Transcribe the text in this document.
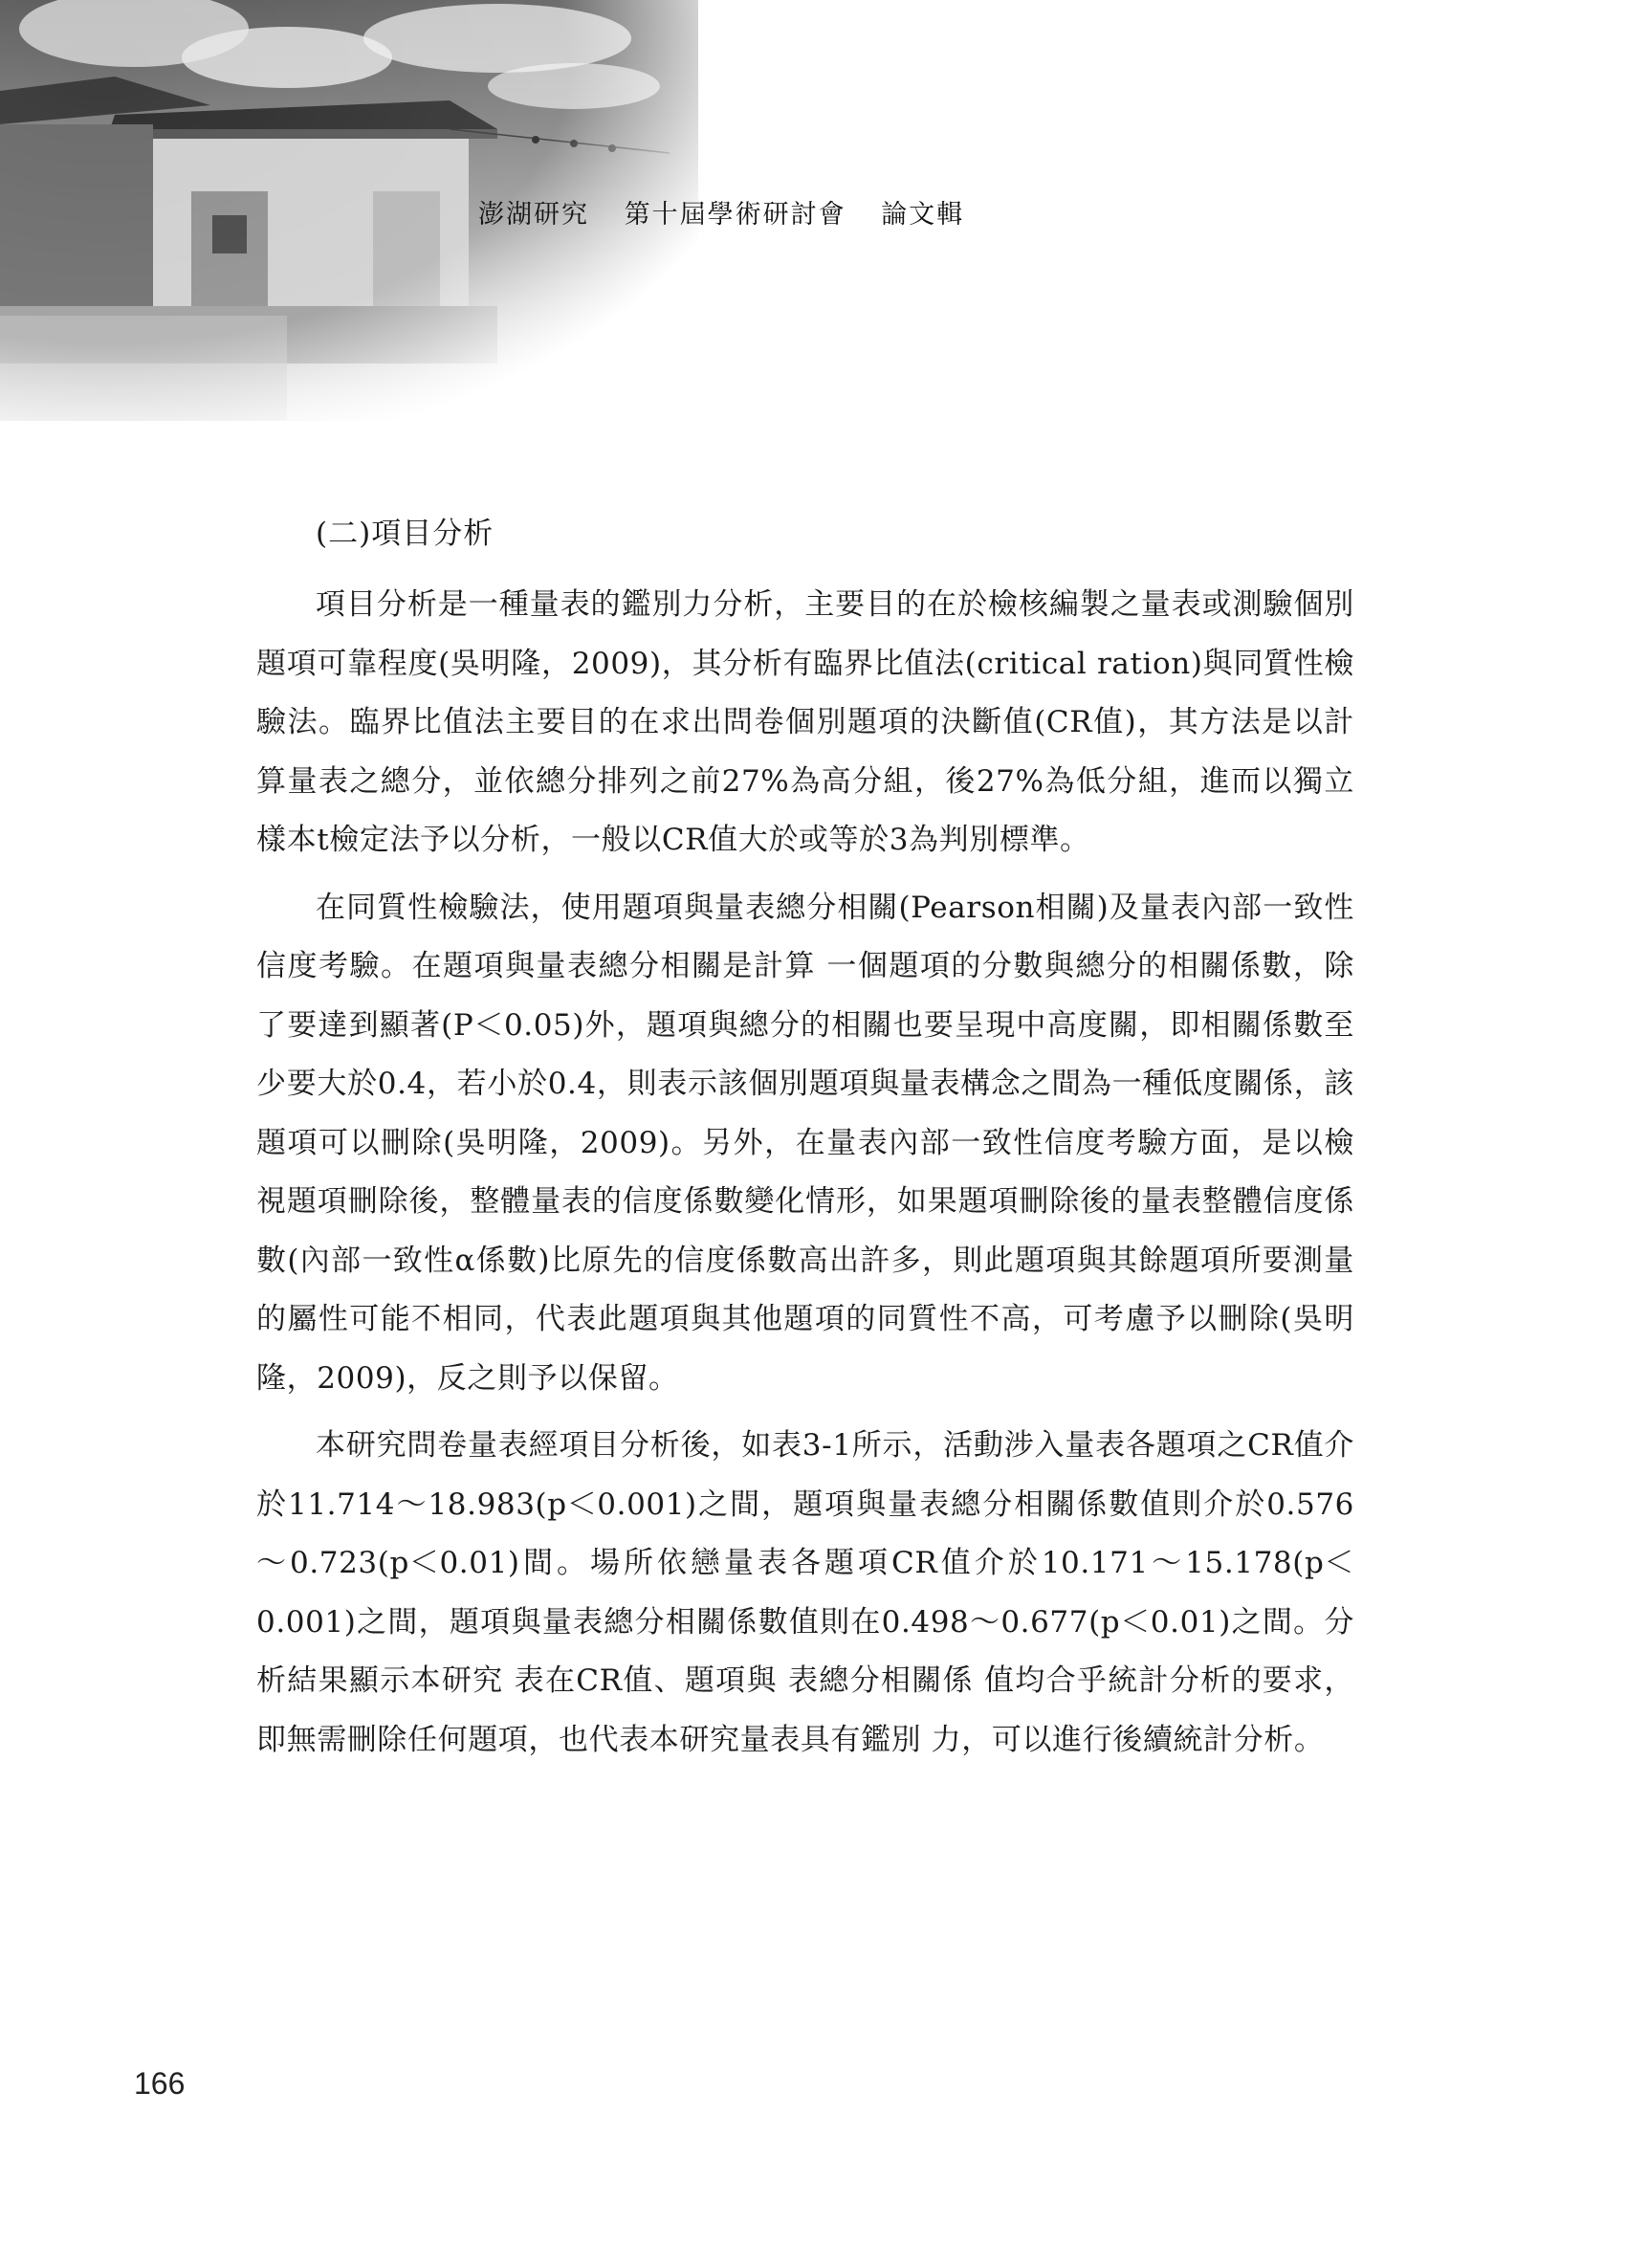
澎湖研究 第十屆學術研討會 論文輯
(二)項目分析

項目分析是一種量表的鑑別力分析，主要目的在於檢核編製之量表或測驗個別題項可靠程度(吳明隆，2009)，其分析有臨界比值法(critical ration)與同質性檢驗法。臨界比值法主要目的在求出問卷個別題項的決斷值(CR值)，其方法是以計算量表之總分，並依總分排列之前27%為高分組，後27%為低分組，進而以獨立樣本t檢定法予以分析，一般以CR值大於或等於3為判別標準。

在同質性檢驗法，使用題項與量表總分相關(Pearson相關)及量表內部一致性信度考驗。在題項與量表總分相關是計算 一個題項的分數與總分的相關係數，除了要達到顯著(P＜0.05)外，題項與總分的相關也要呈現中高度關，即相關係數至少要大於0.4，若小於0.4，則表示該個別題項與量表構念之間為一種低度關係，該題項可以刪除(吳明隆，2009)。另外，在量表內部一致性信度考驗方面，是以檢視題項刪除後，整體量表的信度係數變化情形，如果題項刪除後的量表整體信度係數(內部一致性α係數)比原先的信度係數高出許多，則此題項與其餘題項所要測量的屬性可能不相同，代表此題項與其他題項的同質性不高，可考慮予以刪除(吳明隆，2009)，反之則予以保留。

本研究問卷量表經項目分析後，如表3-1所示，活動涉入量表各題項之CR值介於11.714～18.983(p＜0.001)之間，題項與量表總分相關係數值則介於0.576～0.723(p＜0.01)間。場所依戀量表各題項CR值介於10.171～15.178(p＜0.001)之間，題項與量表總分相關係數值則在0.498～0.677(p＜0.01)之間。分析結果顯示本研究 表在CR值、題項與 表總分相關係 值均合乎統計分析的要求，即無需刪除任何題項，也代表本研究量表具有鑑別 力，可以進行後續統計分析。

166
